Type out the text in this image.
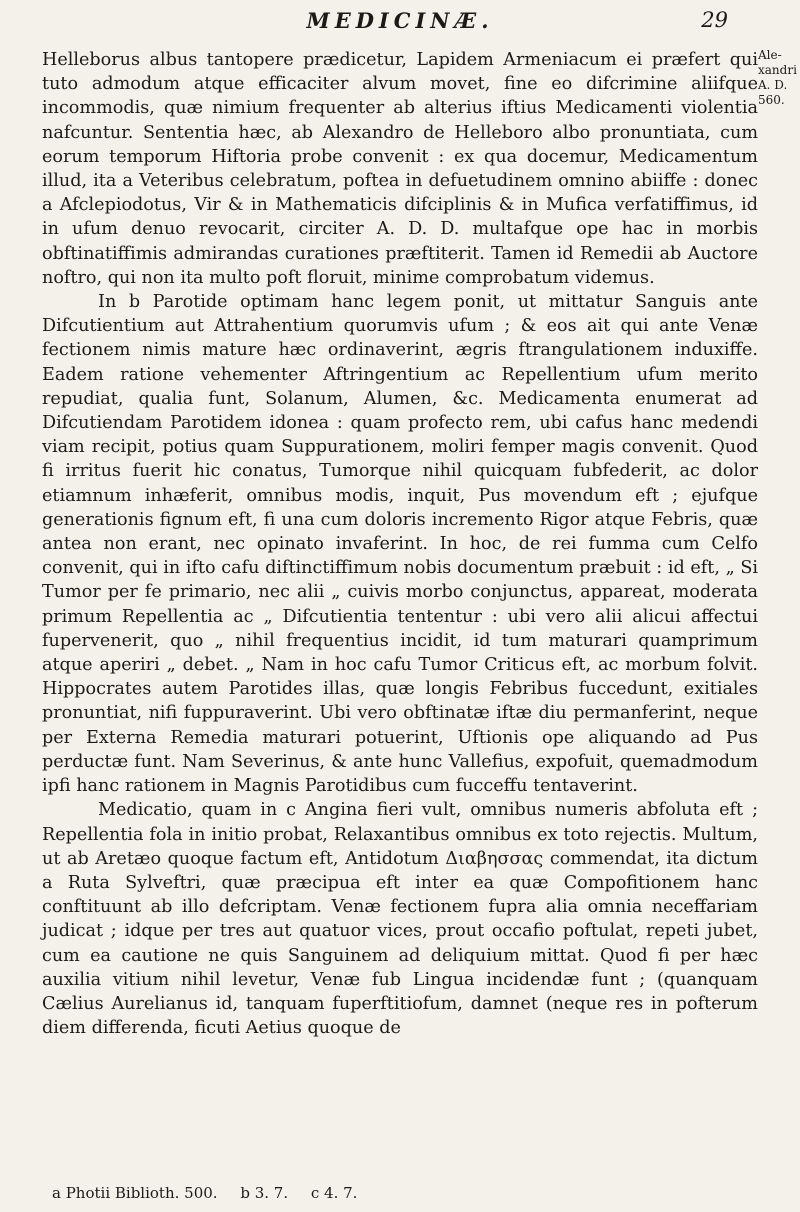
MEDICINÆ.	29
Ale-
xandri
A. D.
560.

Helleborus albus tantopere prædicetur, Lapidem Armeniacum ei præfert qui tuto admodum atque efficaciter alvum movet, fine eo difcrimine aliifque incommodis, quæ nimium frequenter ab alterius iftius Medicamenti violentia nafcuntur. Sententia hæc, ab Alexandro de Helleboro albo pronuntiata, cum eorum temporum Hiftoria probe convenit : ex qua docemur, Medicamentum illud, ita a Veteribus celebratum, poftea in defuetudinem omnino abiiffe : donec a Afclepiodotus, Vir & in Mathematicis difciplinis & in Mufica verfatiffimus, id in ufum denuo revocarit, circiter A. D. D. multafque ope hac in morbis obftinatiffimis admirandas curationes præftiterit. Tamen id Remedii ab Auctore noftro, qui non ita multo poft floruit, minime comprobatum videmus.

In b Parotide optimam hanc legem ponit, ut mittatur Sanguis ante Difcutientium aut Attrahentium quorumvis ufum ; & eos ait qui ante Venæ fectionem nimis mature hæc ordinaverint, ægris ftrangulationem induxiffe. Eadem ratione vehementer Aftringentium ac Repellentium ufum merito repudiat, qualia funt, Solanum, Alumen, &c. Medicamenta enumerat ad Difcutiendam Parotidem idonea : quam profecto rem, ubi cafus hanc medendi viam recipit, potius quam Suppurationem, moliri femper magis convenit. Quod fi irritus fuerit hic conatus, Tumorque nihil quicquam fubfederit, ac dolor etiamnum inhæferit, omnibus modis, inquit, Pus movendum eft ; ejufque generationis fignum eft, fi una cum doloris incremento Rigor atque Febris, quæ antea non erant, nec opinato invaferint. In hoc, de rei fumma cum Celfo convenit, qui in ifto cafu diftinctiffimum nobis documentum præbuit : id eft, „ Si Tumor per fe primario, nec alii „ cuivis morbo conjunctus, appareat, moderata primum Repellentia ac „ Difcutientia tententur : ubi vero alii alicui affectui fupervenerit, quo „ nihil frequentius incidit, id tum maturari quamprimum atque aperiri „ debet. „ Nam in hoc cafu Tumor Criticus eft, ac morbum folvit. Hippocrates autem Parotides illas, quæ longis Febribus fuccedunt, exitiales pronuntiat, nifi fuppuraverint. Ubi vero obftinatæ iftæ diu permanferint, neque per Externa Remedia maturari potuerint, Uftionis ope aliquando ad Pus perductæ funt. Nam Severinus, & ante hunc Vallefius, expofuit, quemadmodum ipfi hanc rationem in Magnis Parotidibus cum fucceffu tentaverint.

Medicatio, quam in c Angina fieri vult, omnibus numeris abfoluta eft ; Repellentia fola in initio probat, Relaxantibus omnibus ex toto rejectis. Multum, ut ab Aretæo quoque factum eft, Antidotum Διαβησσας commendat, ita dictum a Ruta Sylveftri, quæ præcipua eft inter ea quæ Compofitionem hanc conftituunt ab illo defcriptam. Venæ fectionem fupra alia omnia neceffariam judicat ; idque per tres aut quatuor vices, prout occafio poftulat, repeti jubet, cum ea cautione ne quis Sanguinem ad deliquium mittat. Quod fi per hæc auxilia vitium nihil levetur, Venæ fub Lingua incidendæ funt ; (quanquam Cælius Aurelianus id, tanquam fuperftitiofum, damnet (neque res in pofterum diem differenda, ficuti Aetius quoque de

a Photii Biblioth. 500. b 3. 7. c 4. 7.
